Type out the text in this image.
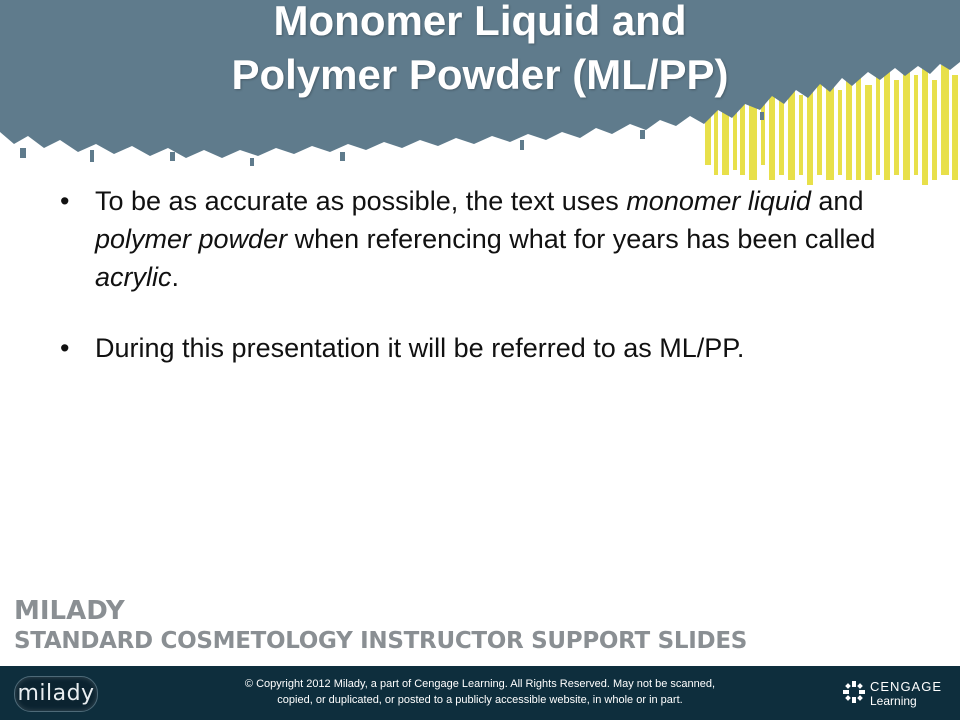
Monomer Liquid and
Polymer Powder (ML/PP)
• To be as accurate as possible, the text uses monomer liquid and polymer powder when referencing what for years has been called acrylic.
• During this presentation it will be referred to as ML/PP.
MILADY
STANDARD COSMETOLOGY INSTRUCTOR SUPPORT SLIDES
milady	© Copyright 2012 Milady, a part of Cengage Learning. All Rights Reserved. May not be scanned,
copied, or duplicated, or posted to a publicly accessible website, in whole or in part.
CENGAGE
Learning
